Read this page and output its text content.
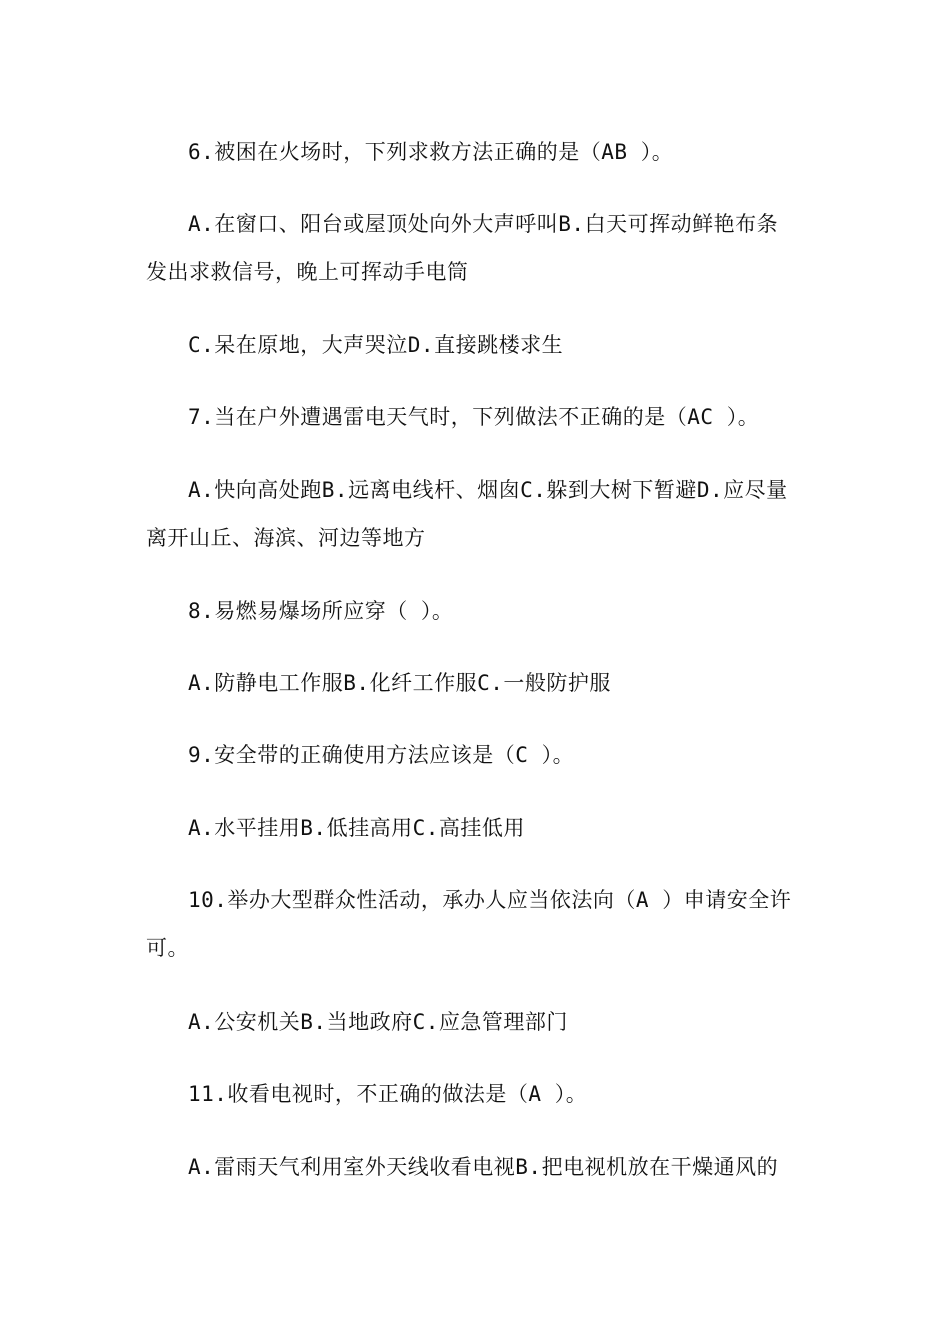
6.被困在火场时，下列求救方法正确的是（AB ）。
A.在窗口、阳台或屋顶处向外大声呼叫B.白天可挥动鲜艳布条
发出求救信号，晚上可挥动手电筒
C.呆在原地，大声哭泣D.直接跳楼求生
7.当在户外遭遇雷电天气时，下列做法不正确的是（AC ）。
A.快向高处跑B.远离电线杆、烟囱C.躲到大树下暂避D.应尽量
离开山丘、海滨、河边等地方
8.易燃易爆场所应穿（ ）。
A.防静电工作服B.化纤工作服C.一般防护服
9.安全带的正确使用方法应该是（C ）。
A.水平挂用B.低挂高用C.高挂低用
10.举办大型群众性活动，承办人应当依法向（A ）申请安全许
可。
A.公安机关B.当地政府C.应急管理部门
11.收看电视时，不正确的做法是（A ）。
A.雷雨天气利用室外天线收看电视B.把电视机放在干燥通风的
